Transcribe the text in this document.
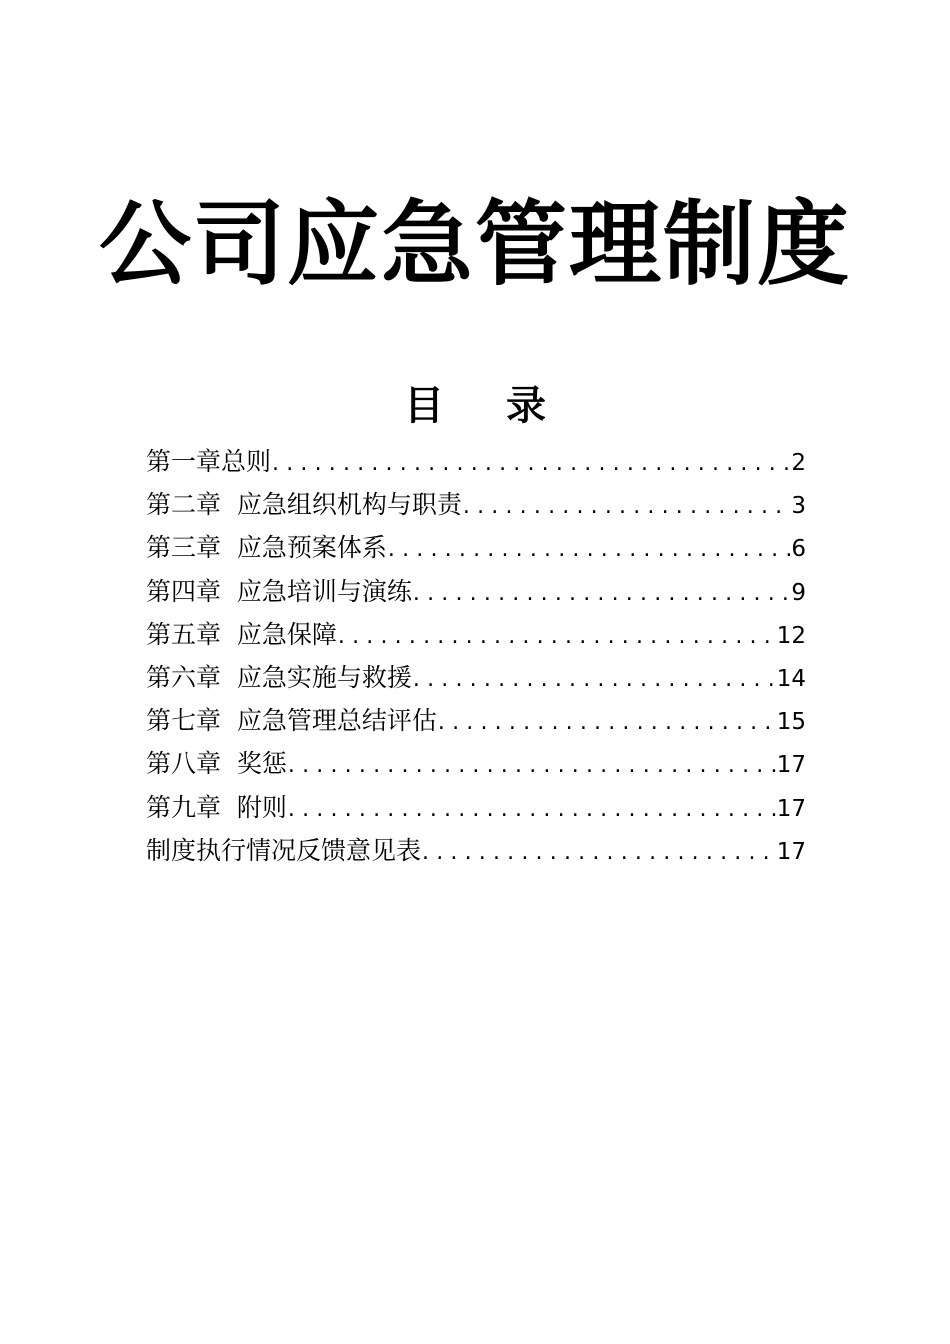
公司应急管理制度
目录
第一章总则 .....	2
第二章  应急组织机构与职责 .....	3
第三章  应急预案体系 .....	6
第四章  应急培训与演练 .....	9
第五章  应急保障 .....	12
第六章  应急实施与救援 .....	14
第七章  应急管理总结评估 .....	15
第八章  奖惩 .....	17
第九章  附则 .....	17
制度执行情况反馈意见表 .....	17
